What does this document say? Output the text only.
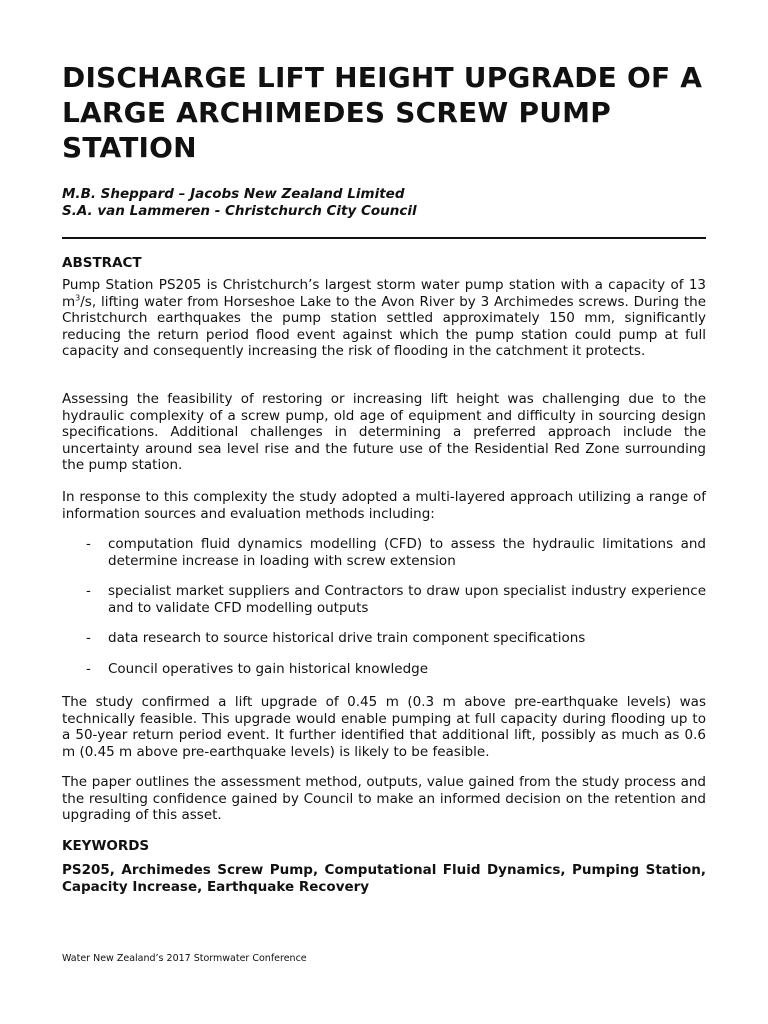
DISCHARGE LIFT HEIGHT UPGRADE OF A LARGE ARCHIMEDES SCREW PUMP STATION
M.B. Sheppard – Jacobs New Zealand Limited
S.A. van Lammeren - Christchurch City Council
ABSTRACT

Pump Station PS205 is Christchurch’s largest storm water pump station with a capacity of 13 $m^3/s$, lifting water from Horseshoe Lake to the Avon River by 3 Archimedes screws. During the Christchurch earthquakes the pump station settled approximately 150 mm, significantly reducing the return period flood event against which the pump station could pump at full capacity and consequently increasing the risk of flooding in the catchment it protects.

Assessing the feasibility of restoring or increasing lift height was challenging due to the hydraulic complexity of a screw pump, old age of equipment and difficulty in sourcing design specifications. Additional challenges in determining a preferred approach include the uncertainty around sea level rise and the future use of the Residential Red Zone surrounding the pump station.

In response to this complexity the study adopted a multi-layered approach utilizing a range of information sources and evaluation methods including:

- computation fluid dynamics modelling (CFD) to assess the hydraulic limitations and determine increase in loading with screw extension
- specialist market suppliers and Contractors to draw upon specialist industry experience and to validate CFD modelling outputs
- data research to source historical drive train component specifications
- Council operatives to gain historical knowledge

The study confirmed a lift upgrade of 0.45 m (0.3 m above pre-earthquake levels) was technically feasible. This upgrade would enable pumping at full capacity during flooding up to a 50-year return period event. It further identified that additional lift, possibly as much as 0.6 m (0.45 m above pre-earthquake levels) is likely to be feasible.

The paper outlines the assessment method, outputs, value gained from the study process and the resulting confidence gained by Council to make an informed decision on the retention and upgrading of this asset.

KEYWORDS
PS205, Archimedes Screw Pump, Computational Fluid Dynamics, Pumping Station, Capacity Increase, Earthquake Recovery
Water New Zealand’s 2017 Stormwater Conference
